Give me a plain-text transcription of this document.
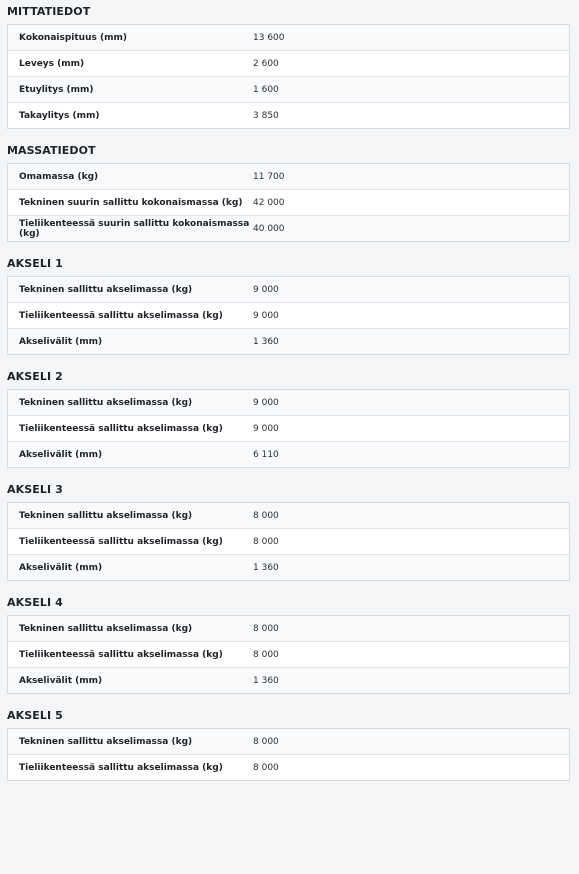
MITTATIEDOT
Kokonaispituus (mm)	13 600
Leveys (mm)	2 600
Etuylitys (mm)	1 600
Takaylitys (mm)	3 850
MASSATIEDOT
Omamassa (kg)	11 700
Tekninen suurin sallittu kokonaismassa (kg)	42 000
Tieliikenteessä suurin sallittu kokonaismassa (kg)	40 000
AKSELI 1
Tekninen sallittu akselimassa (kg)	9 000
Tieliikenteessä sallittu akselimassa (kg)	9 000
Akselivälit (mm)	1 360
AKSELI 2
Tekninen sallittu akselimassa (kg)	9 000
Tieliikenteessä sallittu akselimassa (kg)	9 000
Akselivälit (mm)	6 110
AKSELI 3
Tekninen sallittu akselimassa (kg)	8 000
Tieliikenteessä sallittu akselimassa (kg)	8 000
Akselivälit (mm)	1 360
AKSELI 4
Tekninen sallittu akselimassa (kg)	8 000
Tieliikenteessä sallittu akselimassa (kg)	8 000
Akselivälit (mm)	1 360
AKSELI 5
Tekninen sallittu akselimassa (kg)	8 000
Tieliikenteessä sallittu akselimassa (kg)	8 000
